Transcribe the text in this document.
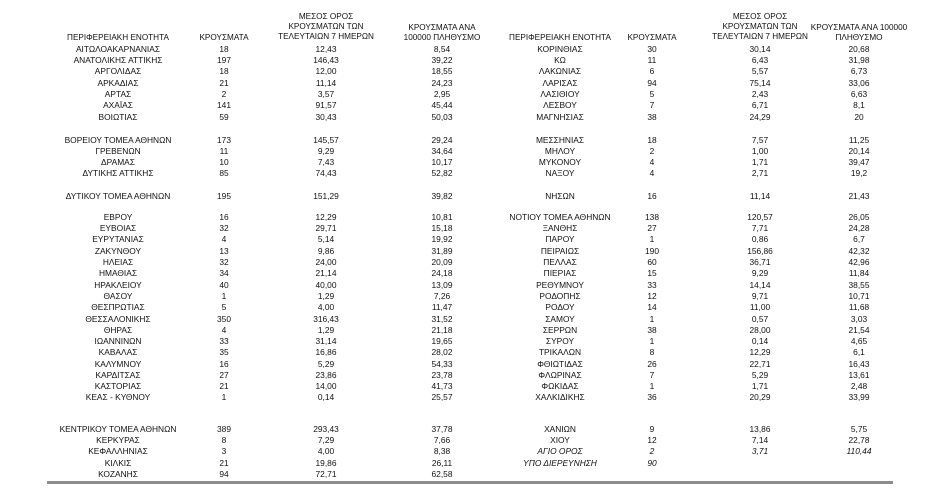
ΠΕΡΙΦΕΡΕΙΑΚΗ ΕΝΟΤΗΤΑ	ΚΡΟΥΣΜΑΤΑ
ΜΕΣΟΣ ΟΡΟΣ ΚΡΟΥΣΜΑΤΩΝ ΤΩΝ ΤΕΛΕΥΤΑΙΩΝ 7 ΗΜΕΡΩΝ
ΚΡΟΥΣΜΑΤΑ ΑΝΑ 100000 ΠΛΗΘΥΣΜΟ	ΠΕΡΙΦΕΡΕΙΑΚΗ ΕΝΟΤΗΤΑ	ΚΡΟΥΣΜΑΤΑ
ΜΕΣΟΣ ΟΡΟΣ ΚΡΟΥΣΜΑΤΩΝ ΤΩΝ ΤΕΛΕΥΤΑΙΩΝ 7 ΗΜΕΡΩΝ
ΚΡΟΥΣΜΑΤΑ ΑΝΑ 100000 ΠΛΗΘΥΣΜΟ
ΑΙΤΩΛΟΑΚΑΡΝΑΝΙΑΣ	18	12,43	8,54
ΑΝΑΤΟΛΙΚΗΣ ΑΤΤΙΚΗΣ	197	146,43	39,22
ΑΡΓΟΛΙΔΑΣ	18	12,00	18,55
ΑΡΚΑΔΙΑΣ	21	11,14	24,23
ΑΡΤΑΣ	2	3,57	2,95
ΑΧΑΪΑΣ	141	91,57	45,44
ΒΟΙΩΤΙΑΣ	59	30,43	50,03
ΒΟΡΕΙΟΥ ΤΟΜΕΑ ΑΘΗΝΩΝ	173	145,57	29,24
ΓΡΕΒΕΝΩΝ	11	9,29	34,64
ΔΡΑΜΑΣ	10	7,43	10,17
ΔΥΤΙΚΗΣ ΑΤΤΙΚΗΣ	85	74,43	52,82
ΔΥΤΙΚΟΥ ΤΟΜΕΑ ΑΘΗΝΩΝ	195	151,29	39,82
ΕΒΡΟΥ	16	12,29	10,81
ΕΥΒΟΙΑΣ	32	29,71	15,18
ΕΥΡΥΤΑΝΙΑΣ	4	5,14	19,92
ΖΑΚΥΝΘΟΥ	13	9,86	31,89
ΗΛΕΙΑΣ	32	24,00	20,09
ΗΜΑΘΙΑΣ	34	21,14	24,18
ΗΡΑΚΛΕΙΟΥ	40	40,00	13,09
ΘΑΣΟΥ	1	1,29	7,26
ΘΕΣΠΡΩΤΙΑΣ	5	4,00	11,47
ΘΕΣΣΑΛΟΝΙΚΗΣ	350	316,43	31,52
ΘΗΡΑΣ	4	1,29	21,18
ΙΩΑΝΝΙΝΩΝ	33	31,14	19,65
ΚΑΒΑΛΑΣ	35	16,86	28,02
ΚΑΛΥΜΝΟΥ	16	5,29	54,33
ΚΑΡΔΙΤΣΑΣ	27	23,86	23,78
ΚΑΣΤΟΡΙΑΣ	21	14,00	41,73
ΚΕΑΣ - ΚΥΘΝΟΥ	1	0,14	25,57
ΚΕΝΤΡΙΚΟΥ ΤΟΜΕΑ ΑΘΗΝΩΝ	389	293,43	37,78
ΚΕΡΚΥΡΑΣ	8	7,29	7,66
ΚΕΦΑΛΛΗΝΙΑΣ	3	4,00	8,38
ΚΙΛΚΙΣ	21	19,86	26,11
ΚΟΖΑΝΗΣ	94	72,71	62,58
ΚΟΡΙΝΘΙΑΣ	30	30,14	20,68
ΚΩ	11	6,43	31,98
ΛΑΚΩΝΙΑΣ	6	5,57	6,73
ΛΑΡΙΣΑΣ	94	75,14	33,06
ΛΑΣΙΘΙΟΥ	5	2,43	6,63
ΛΕΣΒΟΥ	7	6,71	8,1
ΜΑΓΝΗΣΙΑΣ	38	24,29	20
ΜΕΣΣΗΝΙΑΣ	18	7,57	11,25
ΜΗΛΟΥ	2	1,00	20,14
ΜΥΚΟΝΟΥ	4	1,71	39,47
ΝΑΞΟΥ	4	2,71	19,2
ΝΗΣΩΝ	16	11,14	21,43
ΝΟΤΙΟΥ ΤΟΜΕΑ ΑΘΗΝΩΝ	138	120,57	26,05
ΞΑΝΘΗΣ	27	7,71	24,28
ΠΑΡΟΥ	1	0,86	6,7
ΠΕΙΡΑΙΩΣ	190	156,86	42,32
ΠΕΛΛΑΣ	60	36,71	42,96
ΠΙΕΡΙΑΣ	15	9,29	11,84
ΡΕΘΥΜΝΟΥ	33	14,14	38,55
ΡΟΔΟΠΗΣ	12	9,71	10,71
ΡΟΔΟΥ	14	11,00	11,68
ΣΑΜΟΥ	1	0,57	3,03
ΣΕΡΡΩΝ	38	28,00	21,54
ΣΥΡΟΥ	1	0,14	4,65
ΤΡΙΚΑΛΩΝ	8	12,29	6,1
ΦΘΙΩΤΙΔΑΣ	26	22,71	16,43
ΦΛΩΡΙΝΑΣ	7	5,29	13,61
ΦΩΚΙΔΑΣ	1	1,71	2,48
ΧΑΛΚΙΔΙΚΗΣ	36	20,29	33,99
ΧΑΝΙΩΝ	9	13,86	5,75
ΧΙΟΥ	12	7,14	22,78
ΑΓΙΟ ΟΡΟΣ	2	3,71	110,44
ΥΠΟ ΔΙΕΡΕΥΝΗΣΗ	90
